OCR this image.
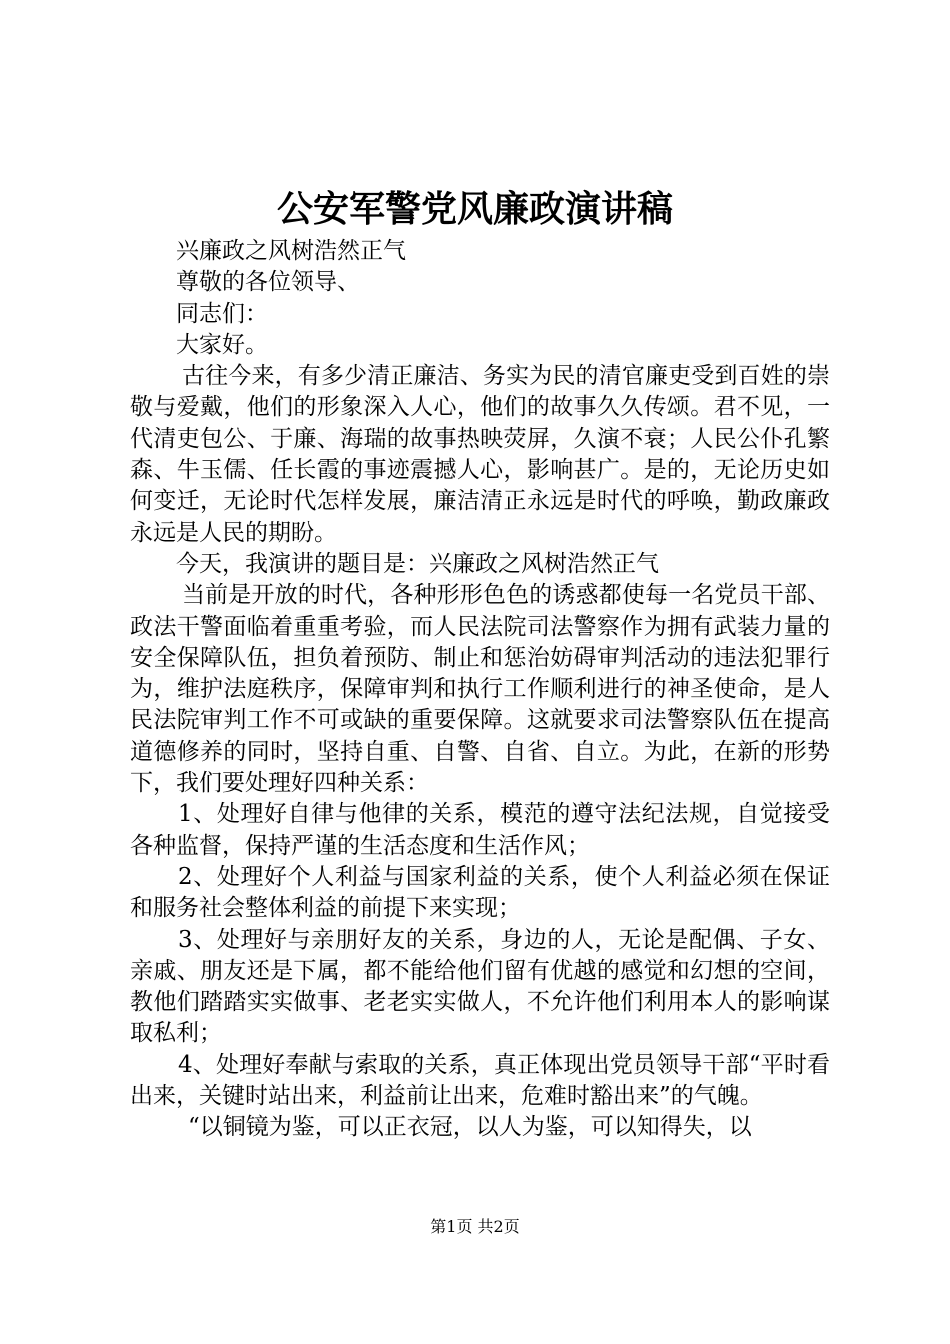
公安军警党风廉政演讲稿

兴廉政之风树浩然正气

尊敬的各位领导、

同志们：

大家好。

古往今来，有多少清正廉洁、务实为民的清官廉吏受到百姓的崇敬与爱戴，他们的形象深入人心，他们的故事久久传颂。君不见，一代清吏包公、于廉、海瑞的故事热映荧屏，久演不衰；人民公仆孔繁森、牛玉儒、任长霞的事迹震撼人心，影响甚广。是的，无论历史如何变迁，无论时代怎样发展，廉洁清正永远是时代的呼唤，勤政廉政永远是人民的期盼。

今天，我演讲的题目是：兴廉政之风树浩然正气

当前是开放的时代，各种形形色色的诱惑都使每一名党员干部、政法干警面临着重重考验，而人民法院司法警察作为拥有武装力量的安全保障队伍，担负着预防、制止和惩治妨碍审判活动的违法犯罪行为，维护法庭秩序，保障审判和执行工作顺利进行的神圣使命，是人民法院审判工作不可或缺的重要保障。这就要求司法警察队伍在提高道德修养的同时，坚持自重、自警、自省、自立。为此，在新的形势下，我们要处理好四种关系：

1、处理好自律与他律的关系，模范的遵守法纪法规，自觉接受各种监督，保持严谨的生活态度和生活作风；

2、处理好个人利益与国家利益的关系，使个人利益必须在保证和服务社会整体利益的前提下来实现；

3、处理好与亲朋好友的关系，身边的人，无论是配偶、子女、亲戚、朋友还是下属，都不能给他们留有优越的感觉和幻想的空间，教他们踏踏实实做事、老老实实做人，不允许他们利用本人的影响谋取私利；

4、处理好奉献与索取的关系，真正体现出党员领导干部“平时看出来，关键时站出来，利益前让出来，危难时豁出来”的气魄。

“以铜镜为鉴，可以正衣冠，以人为鉴，可以知得失，以

第1页 共2页
